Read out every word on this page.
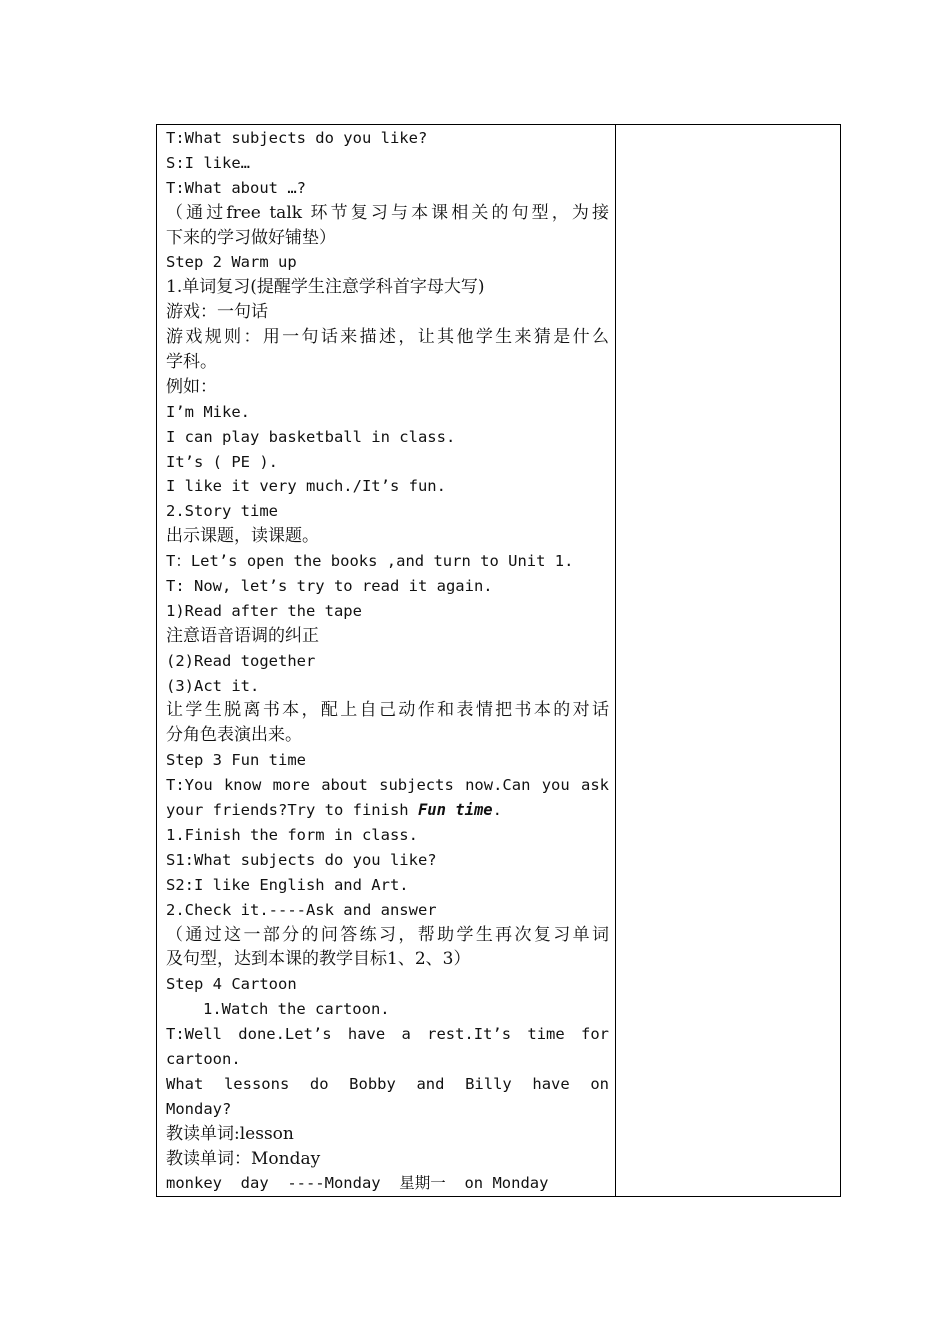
T:What subjects do you like?
S:I like…
T:What about …?
（通过free talk 环节复习与本课相关的句型，为接
下来的学习做好铺垫）
Step 2 Warm up
1.单词复习(提醒学生注意学科首字母大写)
游戏：一句话
游戏规则：用一句话来描述，让其他学生来猜是什么
学科。
例如：
I’m Mike.
I can play basketball in class.
It’s ( PE ).
I like it very much./It’s fun.
2.Story time
出示课题，读课题。
T：Let’s open the books ,and turn to Unit 1.
T: Now, let’s try to read it again.
1)Read after the tape
注意语音语调的纠正
(2)Read together
(3)Act it.
让学生脱离书本，配上自己动作和表情把书本的对话
分角色表演出来。
Step 3 Fun time
T:You know more about subjects now.Can you ask
your friends?Try to finish Fun time.
1.Finish the form in class.
S1:What subjects do you like?
S2:I like English and Art.
2.Check it.----Ask and answer
（通过这一部分的问答练习，帮助学生再次复习单词
及句型，达到本课的教学目标1、2、3）
Step 4 Cartoon
1.Watch the cartoon.
T:Well done.Let’s have a rest.It’s time for
cartoon.
What lessons do Bobby and Billy have on
Monday?
教读单词:lesson
教读单词：Monday
monkey  day  ----Monday  星期一  on Monday
